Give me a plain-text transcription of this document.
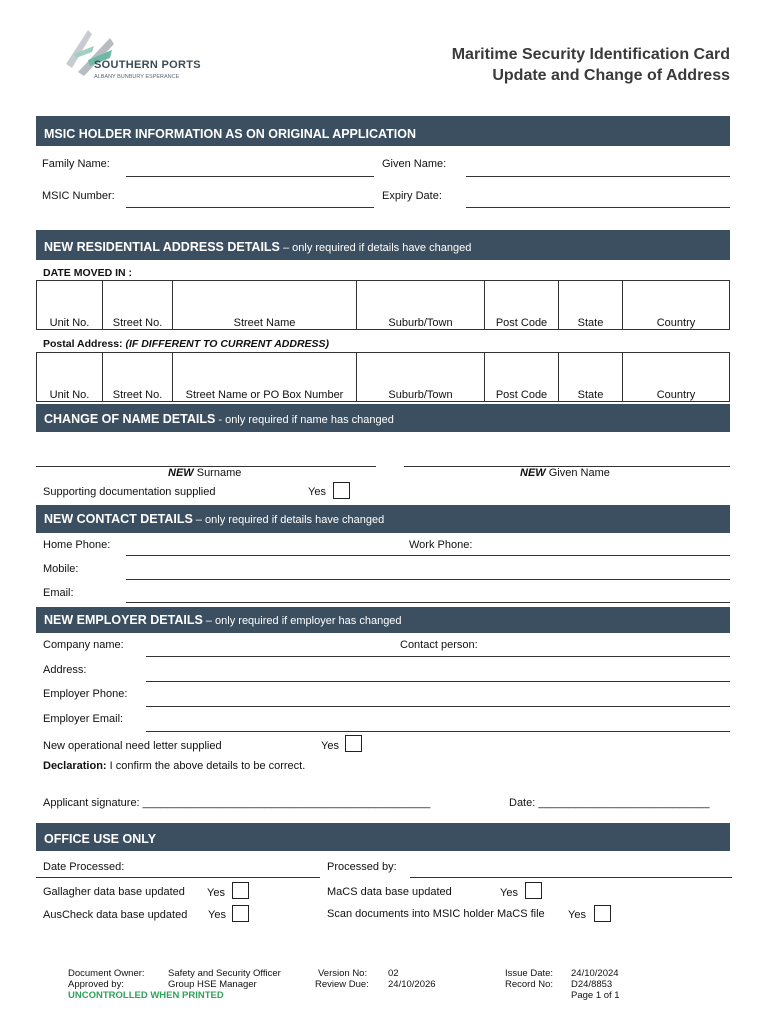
SOUTHERN PORTS
ALBANY BUNBURY ESPERANCE
Maritime Security Identification Card
Update and Change of Address
MSIC HOLDER INFORMATION AS ON ORIGINAL APPLICATION
Family Name:	Given Name:
MSIC Number:	Expiry Date:
NEW RESIDENTIAL ADDRESS DETAILS – only required if details have changed
DATE MOVED IN :

Unit No.	Street No.	Street Name	Suburb/Town	Post Code	State	Country
Postal Address: (IF DIFFERENT TO CURRENT ADDRESS)

Unit No.	Street No.	Street Name or PO Box Number	Suburb/Town	Post Code	State	Country
CHANGE OF NAME DETAILS - only required if name has changed
NEW Surname	NEW Given Name
Supporting documentation supplied	Yes
NEW CONTACT DETAILS – only required if details have changed
Home Phone:	Work Phone:
Mobile:
Email:
NEW EMPLOYER DETAILS – only required if employer has changed
Company name:	Contact person:
Address:
Employer Phone:
Employer Email:
New operational need letter supplied	Yes
Declaration: I confirm the above details to be correct.
Applicant signature: _______________________________________________	Date: ____________________________
OFFICE USE ONLY
Date Processed:	Processed by:
Gallagher data base updated Yes	MaCS data base updated	Yes
AusCheck data base updated Yes	Scan documents into MSIC holder MaCS file Yes
Document Owner: Safety and Security Officer
Approved by:	Group HSE Manager
UNCONTROLLED WHEN PRINTED
Version No: 02
Review Due: 24/10/2026
Issue Date: 24/10/2024
Record No: D24/8853
Page 1 of 1
